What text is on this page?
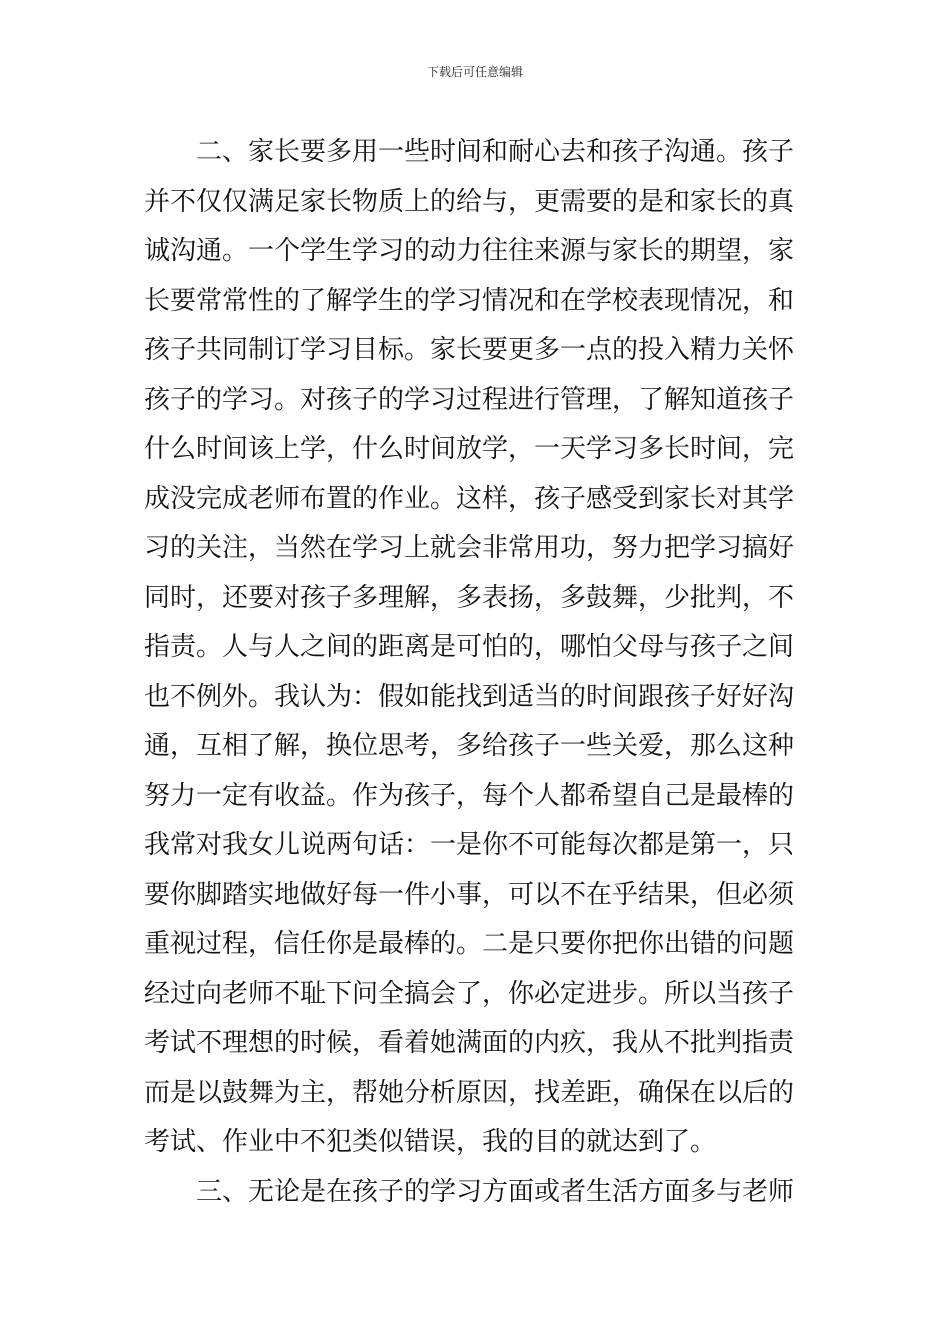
下载后可任意编辑
二、家长要多用一些时间和耐心去和孩子沟通。孩子
并不仅仅满足家长物质上的给与，更需要的是和家长的真
诚沟通。一个学生学习的动力往往来源与家长的期望，家
长要常常性的了解学生的学习情况和在学校表现情况，和
孩子共同制订学习目标。家长要更多一点的投入精力关怀
孩子的学习。对孩子的学习过程进行管理，了解知道孩子
什么时间该上学，什么时间放学，一天学习多长时间，完
成没完成老师布置的作业。这样，孩子感受到家长对其学
习的关注，当然在学习上就会非常用功，努力把学习搞好
同时，还要对孩子多理解，多表扬，多鼓舞，少批判，不
指责。人与人之间的距离是可怕的，哪怕父母与孩子之间
也不例外。我认为：假如能找到适当的时间跟孩子好好沟
通，互相了解，换位思考，多给孩子一些关爱，那么这种
努力一定有收益。作为孩子，每个人都希望自己是最棒的
我常对我女儿说两句话：一是你不可能每次都是第一，只
要你脚踏实地做好每一件小事，可以不在乎结果，但必须
重视过程，信任你是最棒的。二是只要你把你出错的问题
经过向老师不耻下问全搞会了，你必定进步。所以当孩子
考试不理想的时候，看着她满面的内疚，我从不批判指责
而是以鼓舞为主，帮她分析原因，找差距，确保在以后的
考试、作业中不犯类似错误，我的目的就达到了。
三、无论是在孩子的学习方面或者生活方面多与老师
